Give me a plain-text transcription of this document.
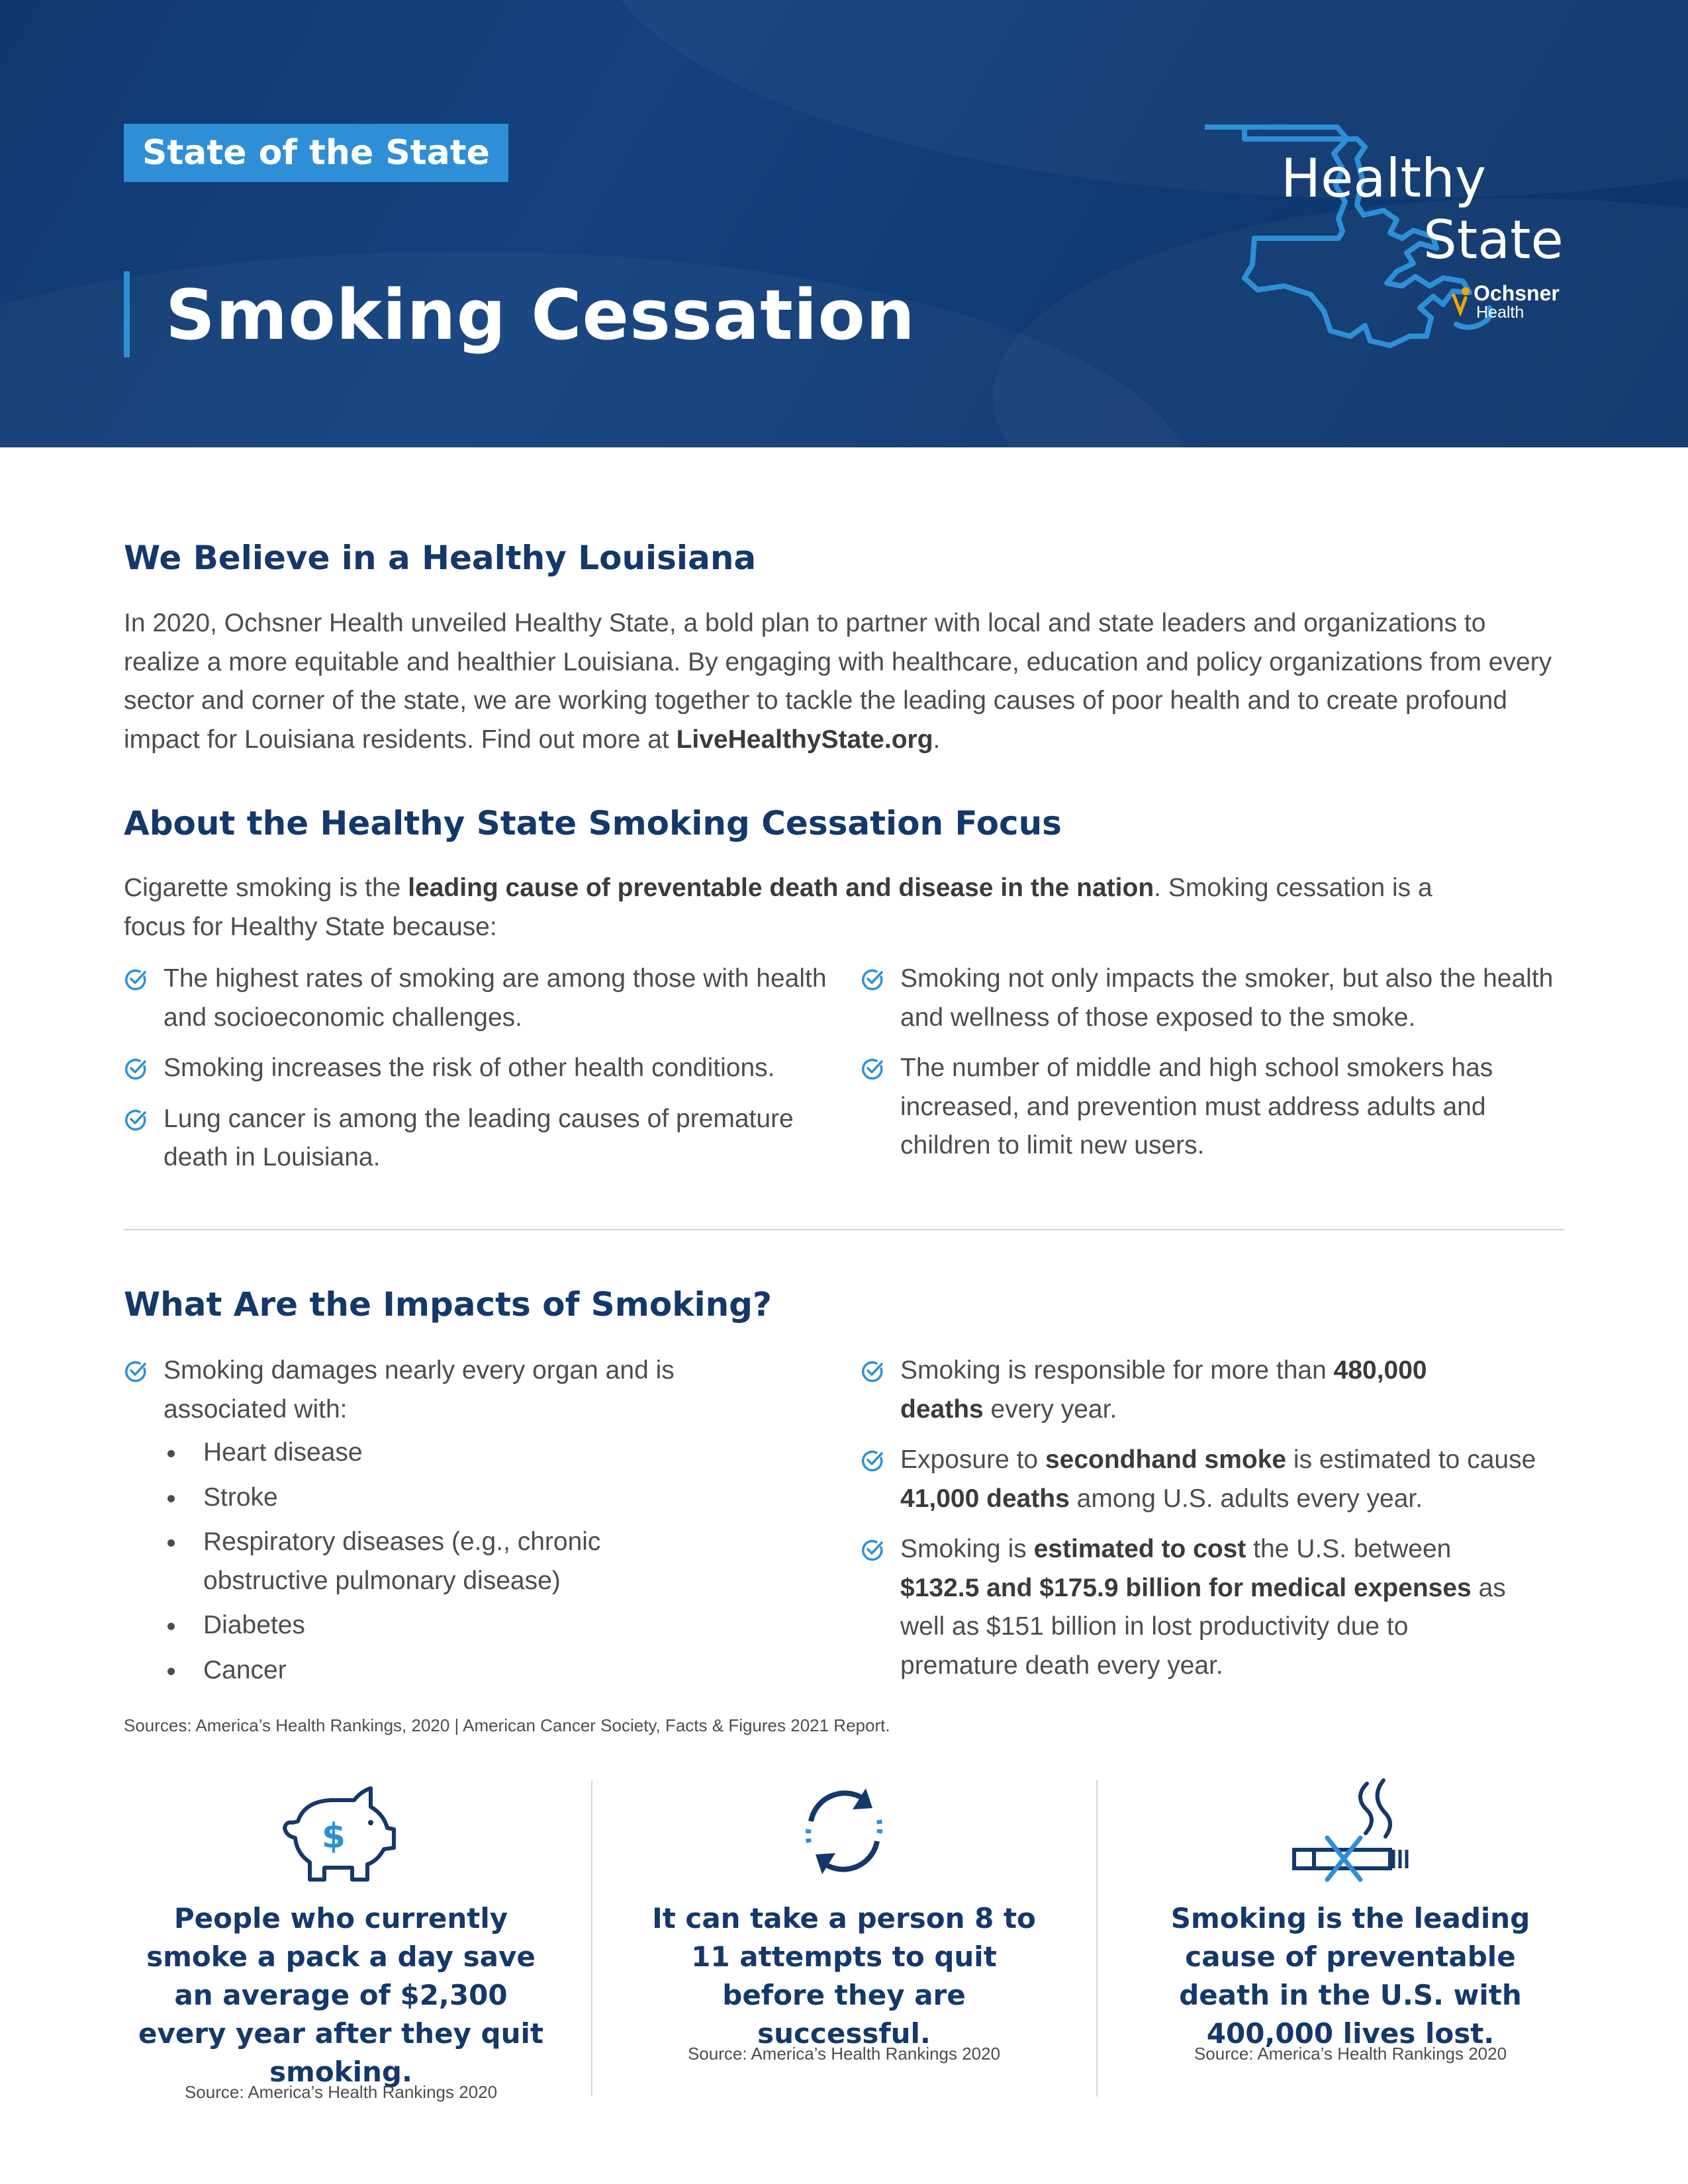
State of the State
Smoking Cessation
Healthy
State
Ochsner
Health
We Believe in a Healthy Louisiana

In 2020, Ochsner Health unveiled Healthy State, a bold plan to partner with local and state leaders and organizations to realize a more equitable and healthier Louisiana. By engaging with healthcare, education and policy organizations from every sector and corner of the state, we are working together to tackle the leading causes of poor health and to create profound impact for Louisiana residents. Find out more at LiveHealthyState.org.

About the Healthy State Smoking Cessation Focus

Cigarette smoking is the leading cause of preventable death and disease in the nation. Smoking cessation is a focus for Healthy State because:

The highest rates of smoking are among those with health and socioeconomic challenges.
Smoking increases the risk of other health conditions.
Lung cancer is among the leading causes of premature death in Louisiana.
Smoking not only impacts the smoker, but also the health and wellness of those exposed to the smoke.
The number of middle and high school smokers has increased, and prevention must address adults and children to limit new users.
What Are the Impacts of Smoking?
Smoking damages nearly every organ and is associated with:
Heart disease
Stroke
Respiratory diseases (e.g., chronic obstructive pulmonary disease)
Diabetes
Cancer
Smoking is responsible for more than 480,000 deaths every year.
Exposure to secondhand smoke is estimated to cause 41,000 deaths among U.S. adults every year.
Smoking is estimated to cost the U.S. between $132.5 and $175.9 billion for medical expenses as well as $151 billion in lost productivity due to premature death every year.
Sources: America’s Health Rankings, 2020 | American Cancer Society, Facts & Figures 2021 Report.
$
People who currently smoke a pack a day save an average of $2,300 every year after they quit smoking.
It can take a person 8 to 11 attempts to quit before they are successful.
Smoking is the leading cause of preventable death in the U.S. with 400,000 lives lost.
Source: America’s Health Rankings 2020
Source: America’s Health Rankings 2020	Source: America’s Health Rankings 2020
